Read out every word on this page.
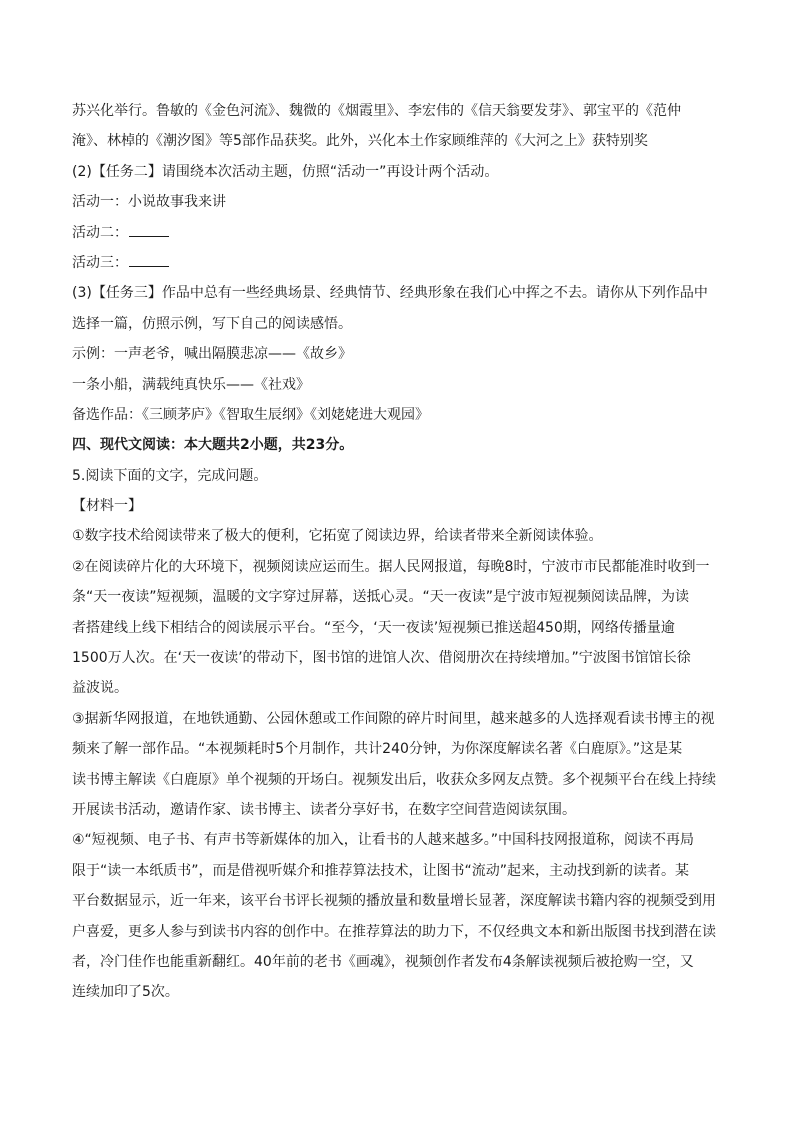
苏兴化举行。鲁敏的《金色河流》、魏微的《烟霞里》、李宏伟的《信天翁要发芽》、郭宝平的《范仲
淹》、林棹的《潮汐图》等5部作品获奖。此外，兴化本土作家顾维萍的《大河之上》获特别奖
(2)【任务二】请围绕本次活动主题，仿照“活动一”再设计两个活动。
活动一：小说故事我来讲
活动二：
活动三：
(3)【任务三】作品中总有一些经典场景、经典情节、经典形象在我们心中挥之不去。请你从下列作品中
选择一篇，仿照示例，写下自己的阅读感悟。
示例：一声老爷，喊出隔膜悲凉——《故乡》
一条小船，满载纯真快乐——《社戏》
备选作品：《三顾茅庐》《智取生辰纲》《刘姥姥进大观园》
四、现代文阅读：本大题共2小题，共23分。
5.阅读下面的文字，完成问题。
【材料一】
①数字技术给阅读带来了极大的便利，它拓宽了阅读边界，给读者带来全新阅读体验。
②在阅读碎片化的大环境下，视频阅读应运而生。据人民网报道，每晚8时，宁波市市民都能准时收到一
条“天一夜读”短视频，温暖的文字穿过屏幕，送抵心灵。“天一夜读”是宁波市短视频阅读品牌，为读
者搭建线上线下相结合的阅读展示平台。“至今，‘天一夜读’短视频已推送超450期，网络传播量逾
1500万人次。在‘天一夜读’的带动下，图书馆的进馆人次、借阅册次在持续增加。”宁波图书馆馆长徐
益波说。
③据新华网报道，在地铁通勤、公园休憩或工作间隙的碎片时间里，越来越多的人选择观看读书博主的视
频来了解一部作品。“本视频耗时5个月制作，共计240分钟，为你深度解读名著《白鹿原》。”这是某
读书博主解读《白鹿原》单个视频的开场白。视频发出后，收获众多网友点赞。多个视频平台在线上持续
开展读书活动，邀请作家、读书博主、读者分享好书，在数字空间营造阅读氛围。
④“短视频、电子书、有声书等新媒体的加入，让看书的人越来越多。”中国科技网报道称，阅读不再局
限于“读一本纸质书”，而是借视听媒介和推荐算法技术，让图书“流动”起来，主动找到新的读者。某
平台数据显示，近一年来，该平台书评长视频的播放量和数量增长显著，深度解读书籍内容的视频受到用
户喜爱，更多人参与到读书内容的创作中。在推荐算法的助力下，不仅经典文本和新出版图书找到潜在读
者，冷门佳作也能重新翻红。40年前的老书《画魂》，视频创作者发布4条解读视频后被抢购一空，又
连续加印了5次。
